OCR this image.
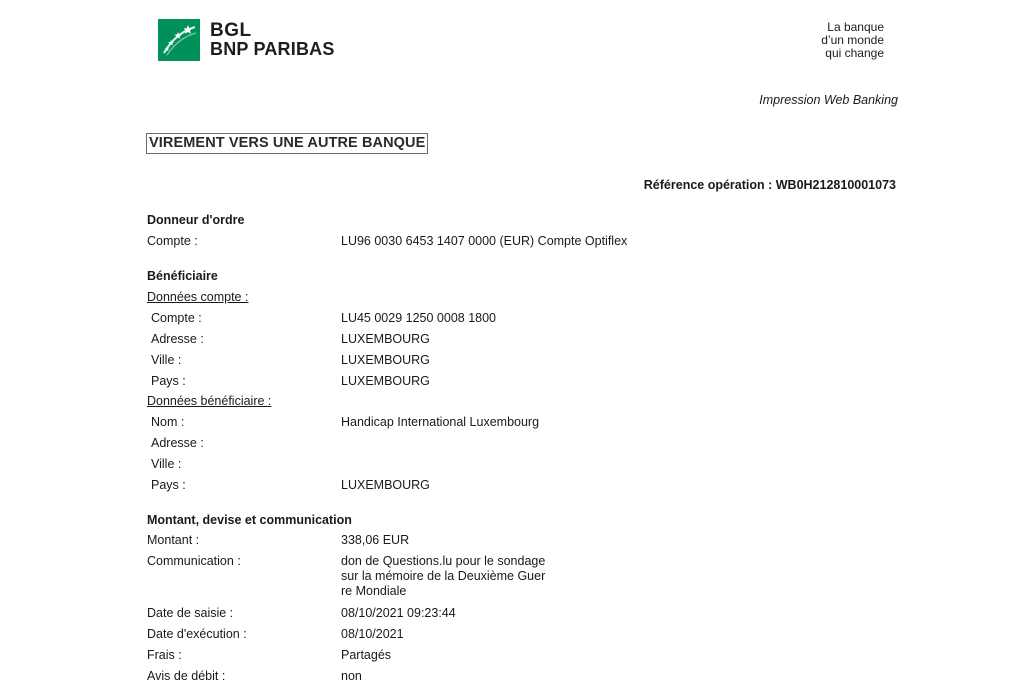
BGL
BNP PARIBAS
La banque
d’un monde
qui change
Impression Web Banking
VIREMENT VERS UNE AUTRE BANQUE
Référence opération : WB0H212810001073
Donneur d'ordre
Compte :	LU96 0030 6453 1407 0000 (EUR) Compte Optiflex
Bénéficiaire
Données compte :
Compte :	LU45 0029 1250 0008 1800
Adresse :	LUXEMBOURG
Ville :	LUXEMBOURG
Pays :	LUXEMBOURG
Données bénéficiaire :
Nom :	Handicap International Luxembourg
Adresse :
Ville :
Pays :	LUXEMBOURG
Montant, devise et communication
Montant :	338,06 EUR
Communication :	don de Questions.lu pour le sondage
sur la mémoire de la Deuxième Guer
re Mondiale
Date de saisie :	08/10/2021 09:23:44
Date d'exécution :	08/10/2021
Frais :	Partagés
Avis de débit :	non
